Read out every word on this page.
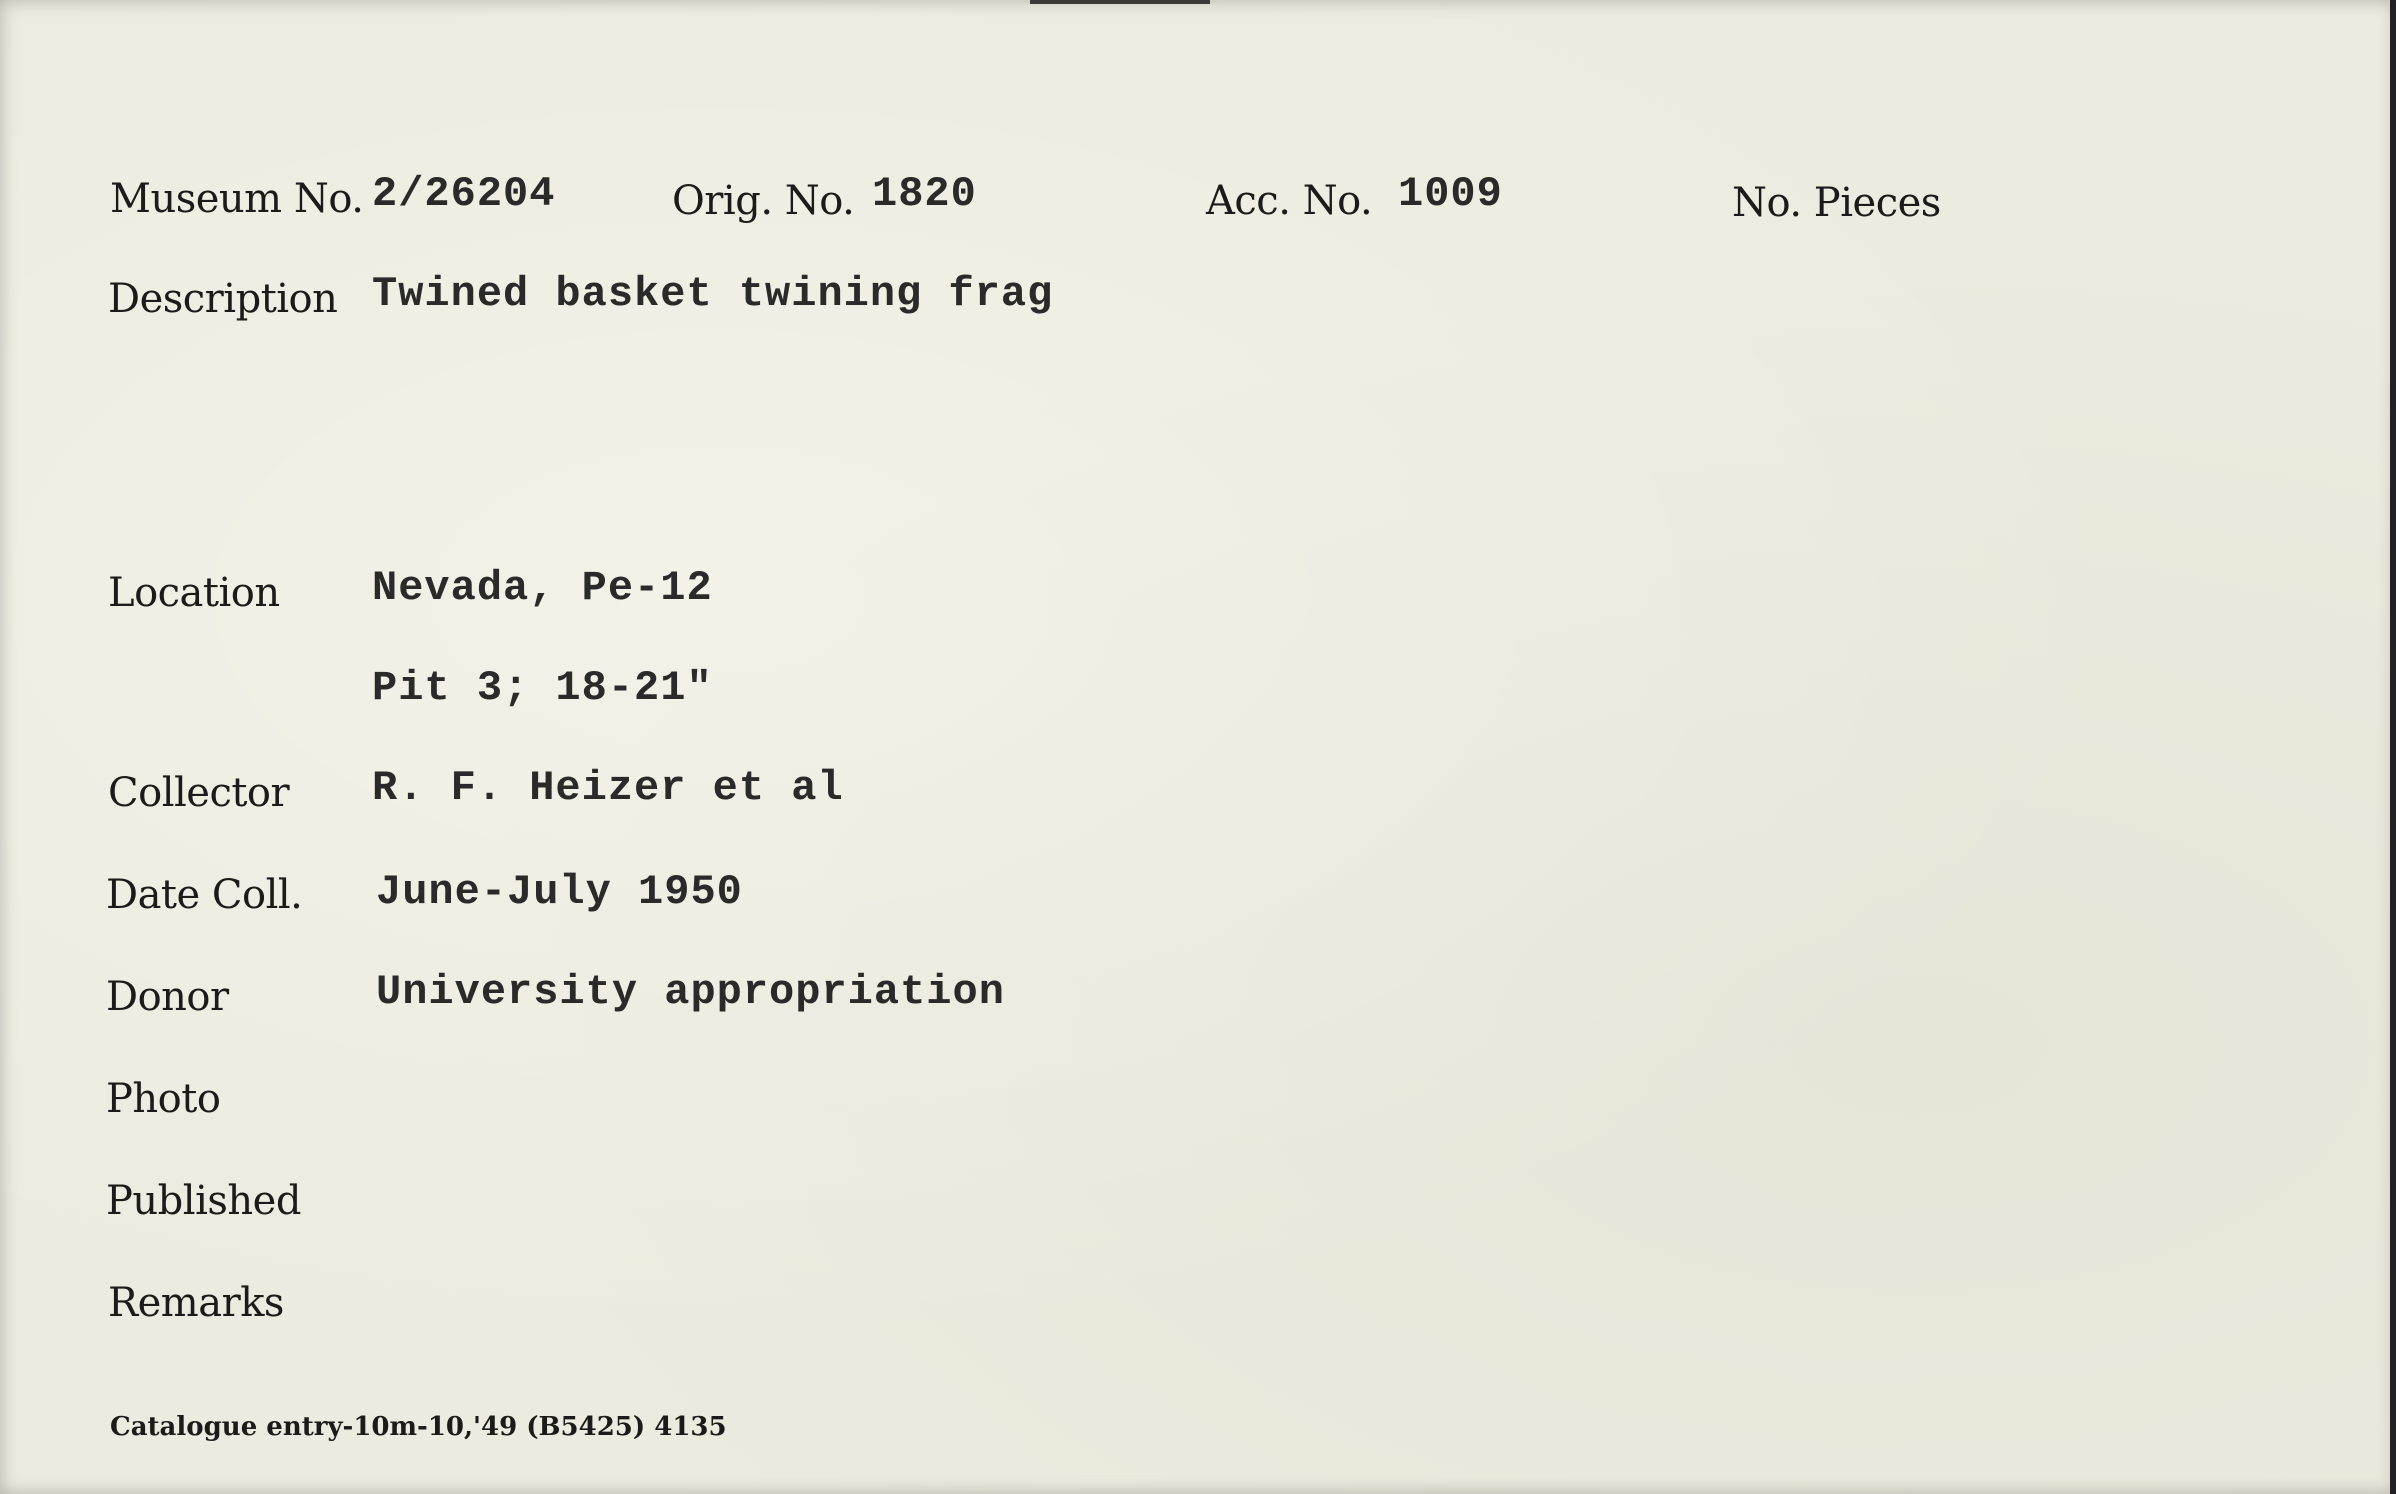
Museum No. 2/26204	Orig. No. 1820	Acc. No. 1009	No. Pieces
Description Twined basket twining frag
Location Nevada, Pe-12
Pit 3; 18-21"
Collector R. F. Heizer et al
Date Coll. June-July 1950
Donor	University appropriation
Photo
Published
Remarks
Catalogue entry-10m-10,'49 (B5425) 4135
